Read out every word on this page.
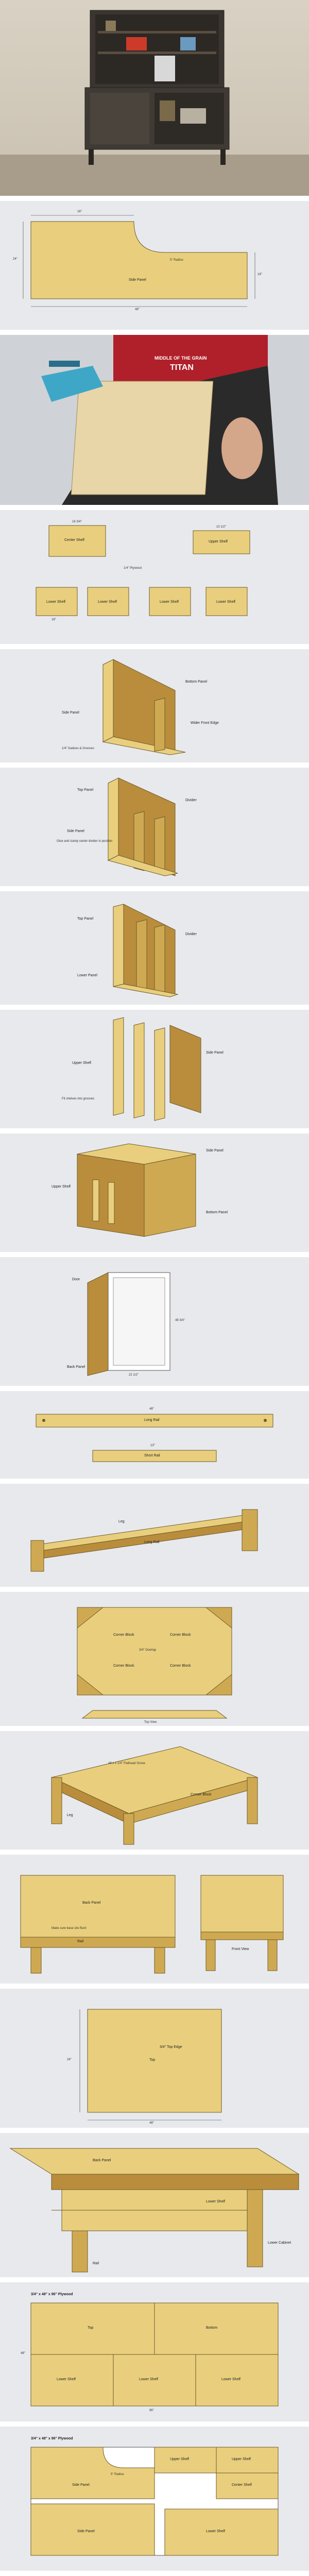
Side Panel
48"
18"
5" Radius
18"
24"
MIDDLE OF THE GRAIN
TITAN
Center Shelf	Upper Shelf
Lower Shelf	Lower Shelf	Lower Shelf	Lower Shelf
16 3/4"
10 1/2"
18"
1/4" Plywood
Bottom Panel
Side Panel
Wider Front Edge
1/4" Dadoes & Grooves
Top Panel
Divider
Side Panel
Glue and clamp center divider in position
Top Panel
Divider
Lower Panel
Upper Shelf
Side Panel
Fit shelves into grooves
Side Panel
Upper Shelf
Bottom Panel
Door
Back Panel
48 3/4"
22 1/2"
Long Rail
Short Rail
48"
13"
Leg
Long Rail
Corner Block	Corner Block
Corner Block	Corner Block
3/4" Overlap
Top View
Leg
Corner Block
#8 x 1 1/4" Flathead Screw
Back Panel
Rail
Front View
Make sure base sits flush
Top
3/4" Top Edge
48"
24"
Back Panel
Lower Shelf
Lower Cabinet
Rail
3/4" x 48" x 96" Plywood
Top	Bottom
Lower Shelf	Lower Shelf	Lower Shelf
96"
48"
3/4" x 48" x 96" Plywood
Side Panel
Upper Shelf	Upper Shelf
Center Shelf
Side Panel	Lower Shelf
5" Radius
